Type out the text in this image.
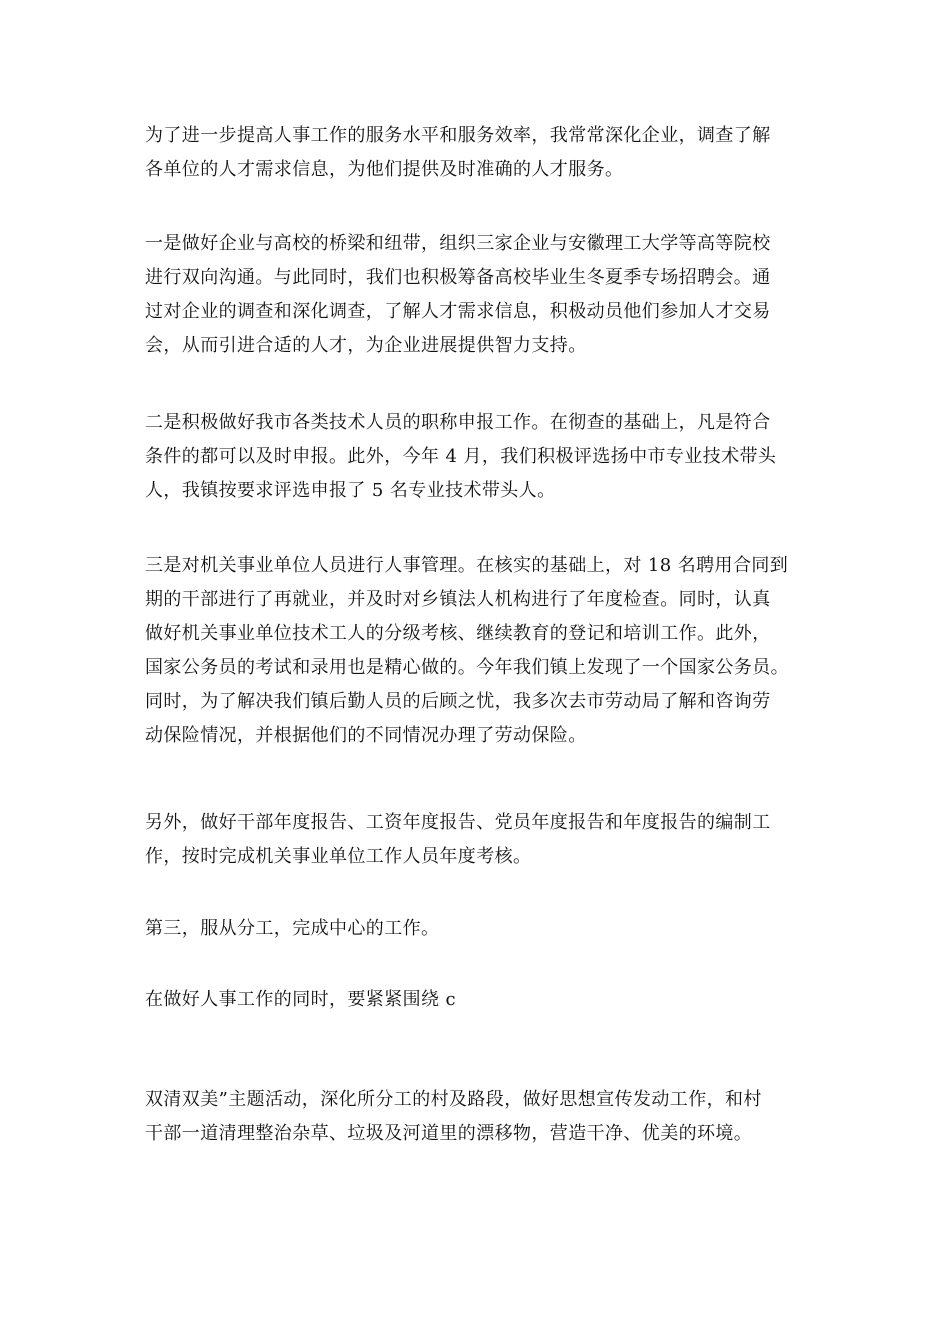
为了进一步提高人事工作的服务水平和服务效率，我常常深化企业，调查了解
各单位的人才需求信息，为他们提供及时准确的人才服务。
一是做好企业与高校的桥梁和纽带，组织三家企业与安徽理工大学等高等院校
进行双向沟通。与此同时，我们也积极筹备高校毕业生冬夏季专场招聘会。通
过对企业的调查和深化调查，了解人才需求信息，积极动员他们参加人才交易
会，从而引进合适的人才，为企业进展提供智力支持。
二是积极做好我市各类技术人员的职称申报工作。在彻查的基础上，凡是符合
条件的都可以及时申报。此外，今年 4 月，我们积极评选扬中市专业技术带头
人，我镇按要求评选申报了 5 名专业技术带头人。
三是对机关事业单位人员进行人事管理。在核实的基础上，对 18 名聘用合同到
期的干部进行了再就业，并及时对乡镇法人机构进行了年度检查。同时，认真
做好机关事业单位技术工人的分级考核、继续教育的登记和培训工作。此外，
国家公务员的考试和录用也是精心做的。今年我们镇上发现了一个国家公务员。
同时，为了解决我们镇后勤人员的后顾之忧，我多次去市劳动局了解和咨询劳
动保险情况，并根据他们的不同情况办理了劳动保险。
另外，做好干部年度报告、工资年度报告、党员年度报告和年度报告的编制工
作，按时完成机关事业单位工作人员年度考核。
第三，服从分工，完成中心的工作。
在做好人事工作的同时，要紧紧围绕 c
双清双美”主题活动，深化所分工的村及路段，做好思想宣传发动工作，和村
干部一道清理整治杂草、垃圾及河道里的漂移物，营造干净、优美的环境。
